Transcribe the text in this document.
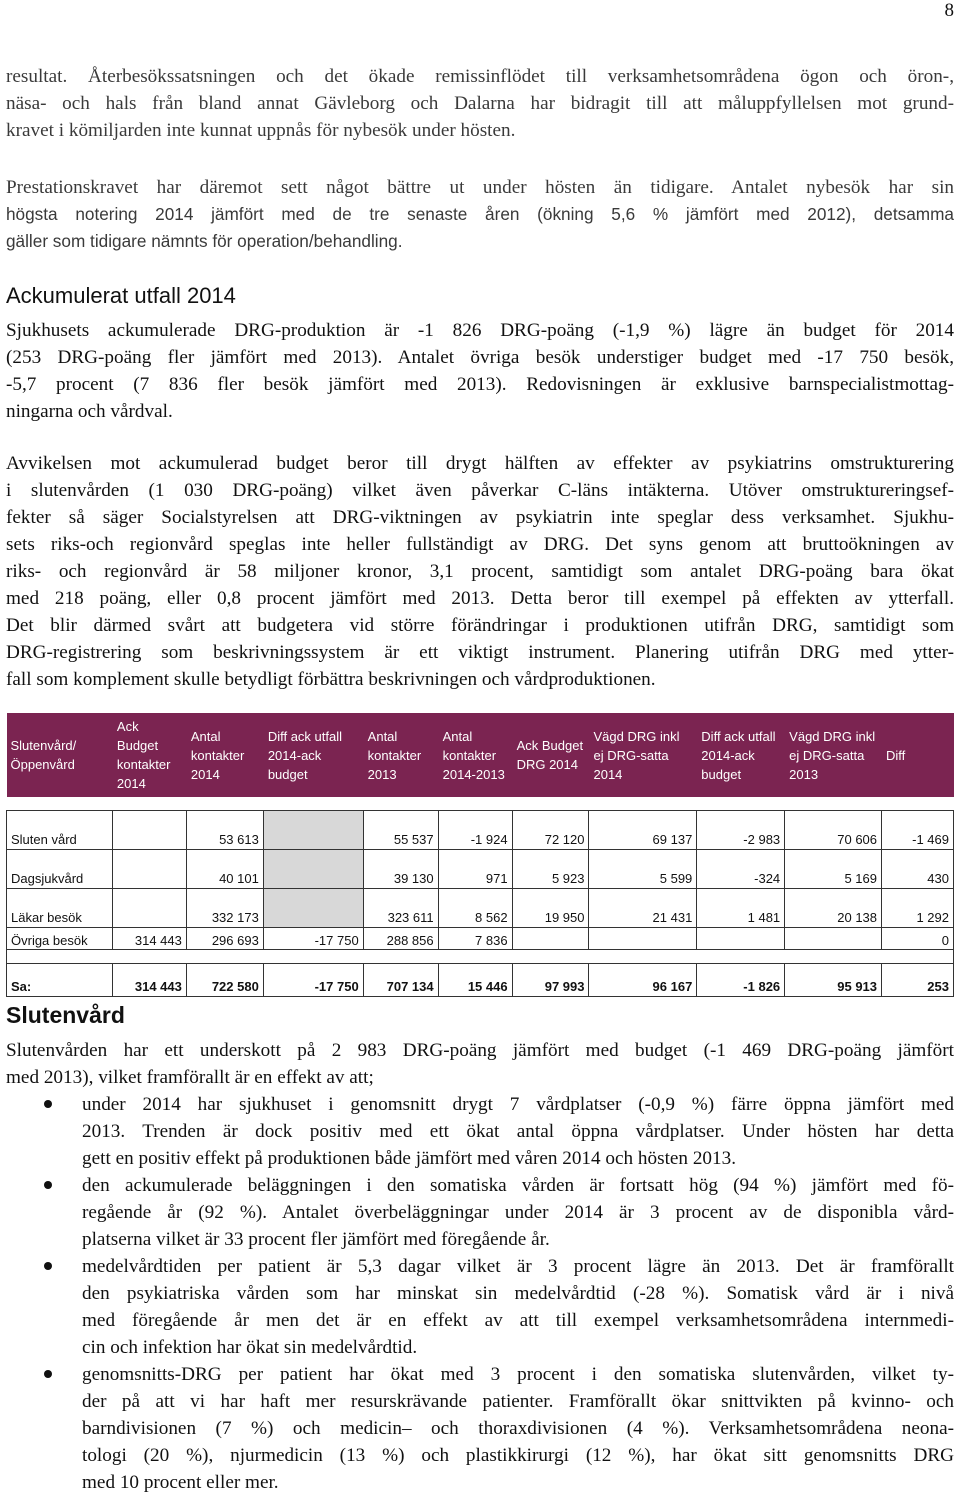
8
resultat. Återbesökssatsningen och det ökade remissinflödet till verksamhetsområdena ögon och öron-,
näsa- och hals från bland annat Gävleborg och Dalarna har bidragit till att måluppfyllelsen mot grund-
kravet i kömiljarden inte kunnat uppnås för nybesök under hösten.
Prestationskravet har däremot sett något bättre ut under hösten än tidigare. Antalet nybesök har sin
högsta notering 2014 jämfört med de tre senaste åren (ökning 5,6 % jämfört med 2012), detsamma
gäller som tidigare nämnts för operation/behandling.
Ackumulerat utfall 2014
Sjukhusets ackumulerade DRG-produktion är -1 826 DRG-poäng (-1,9 %) lägre än budget för 2014
(253 DRG-poäng fler jämfört med 2013). Antalet övriga besök understiger budget med -17 750 besök,
-5,7 procent (7 836 fler besök jämfört med 2013). Redovisningen är exklusive barnspecialistmottag-
ningarna och vårdval.
Avvikelsen mot ackumulerad budget beror till drygt hälften av effekter av psykiatrins omstrukturering
i slutenvården (1 030 DRG-poäng) vilket även påverkar C-läns intäkterna. Utöver omstruktureringsef-
fekter så säger Socialstyrelsen att DRG-viktningen av psykiatrin inte speglar dess verksamhet. Sjukhu-
sets riks-och regionvård speglas inte heller fullständigt av DRG. Det syns genom att bruttoökningen av
riks- och regionvård är 58 miljoner kronor, 3,1 procent, samtidigt som antalet DRG-poäng bara ökat
med 218 poäng, eller 0,8 procent jämfört med 2013. Detta beror till exempel på effekten av ytterfall.
Det blir därmed svårt att budgetera vid större förändringar i produktionen utifrån DRG, samtidigt som
DRG-registrering som beskrivningssystem är ett viktigt instrument. Planering utifrån DRG med ytter-
fall som komplement skulle betydligt förbättra beskrivningen och vårdproduktionen.
Slutenvård/ Öppenvård	Ack Budget kontakter 2014	Antal kontakter 2014	Diff ack utfall 2014-ack budget	Antal kontakter 2013	Antal kontakter 2014-2013	Ack Budget DRG 2014	Vägd DRG inkl ej DRG-satta 2014	Diff ack utfall 2014-ack budget	Vägd DRG inkl ej DRG-satta 2013	Diff

Sluten vård		53 613		55 537	-1 924	72 120	69 137	-2 983	70 606	-1 469
Dagsjukvård		40 101		39 130	971	5 923	5 599	-324	5 169	430
Läkar besök		332 173		323 611	8 562	19 950	21 431	1 481	20 138	1 292
Övriga besök	314 443	296 693	-17 750	288 856	7 836					0

Sa:	314 443	722 580	-17 750	707 134	15 446	97 993	96 167	-1 826	95 913	253
Slutenvård
Slutenvården har ett underskott på 2 983 DRG-poäng jämfört med budget (-1 469 DRG-poäng jämfört
med 2013), vilket framförallt är en effekt av att;
under 2014 har sjukhuset i genomsnitt drygt 7 vårdplatser (-0,9 %) färre öppna jämfört med
2013. Trenden är dock positiv med ett ökat antal öppna vårdplatser. Under hösten har detta
gett en positiv effekt på produktionen både jämfört med våren 2014 och hösten 2013.
den ackumulerade beläggningen i den somatiska vården är fortsatt hög (94 %) jämfört med fö-
regående år (92 %). Antalet överbeläggningar under 2014 är 3 procent av de disponibla vård-
platserna vilket är 33 procent fler jämfört med föregående år.
medelvårdtiden per patient är 5,3 dagar vilket är 3 procent lägre än 2013. Det är framförallt
den psykiatriska vården som har minskat sin medelvårdtid (-28 %). Somatisk vård är i nivå
med föregående år men det är en effekt av att till exempel verksamhetsområdena internmedi-
cin och infektion har ökat sin medelvårdtid.
genomsnitts-DRG per patient har ökat med 3 procent i den somatiska slutenvården, vilket ty-
der på att vi har haft mer resurskrävande patienter. Framförallt ökar snittvikten på kvinno- och
barndivisionen (7 %) och medicin– och thoraxdivisionen (4 %). Verksamhetsområdena neona-
tologi (20 %), njurmedicin (13 %) och plastikkirurgi (12 %), har ökat sitt genomsnitts DRG
med 10 procent eller mer.
